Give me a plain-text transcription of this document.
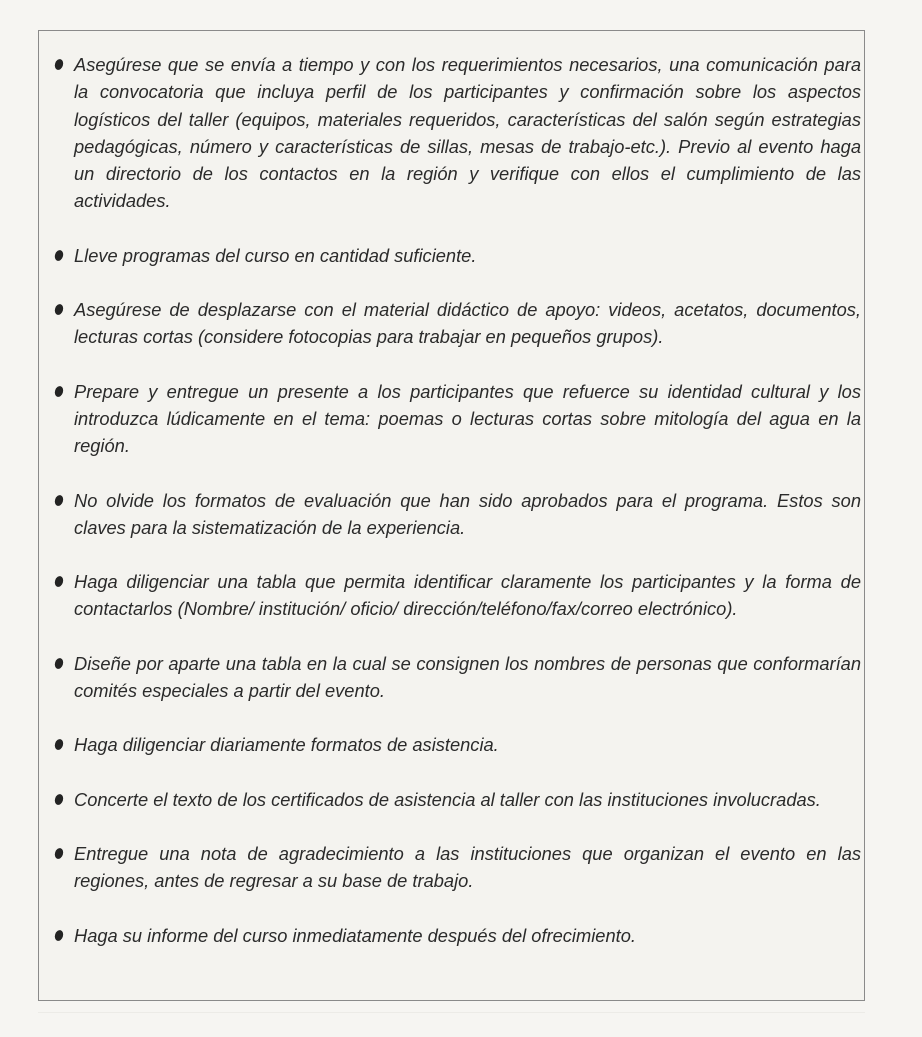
Asegúrese que se envía a tiempo y con los requerimientos necesarios, una comunicación para la convocatoria que incluya perfil de los participantes y confirmación sobre los aspectos logísticos del taller (equipos, materiales requeridos, características del salón según estrategias pedagógicas, número y características de sillas, mesas de trabajo-etc.). Previo al evento haga un directorio de los contactos en la región y verifique con ellos el cumplimiento de las actividades.
Lleve programas del curso en cantidad suficiente.
Asegúrese de desplazarse con el material didáctico de apoyo: videos, acetatos, documentos, lecturas cortas (considere fotocopias para trabajar en pequeños grupos).
Prepare y entregue un presente a los participantes que refuerce su identidad cultural y los introduzca lúdicamente en el tema: poemas o lecturas cortas sobre mitología del agua en la región.
No olvide los formatos de evaluación que han sido aprobados para el programa. Estos son claves para la sistematización de la experiencia.
Haga diligenciar una tabla que permita identificar claramente los participantes y la forma de contactarlos (Nombre/ institución/ oficio/ dirección/teléfono/fax/correo electrónico).
Diseñe por aparte una tabla en la cual se consignen los nombres de personas que conformarían comités especiales a partir del evento.
Haga diligenciar diariamente formatos de asistencia.
Concerte el texto de los certificados de asistencia al taller con las instituciones involucradas.
Entregue una nota de agradecimiento a las instituciones que organizan el evento en las regiones, antes de regresar a su base de trabajo.
Haga su informe del curso inmediatamente después del ofrecimiento.
